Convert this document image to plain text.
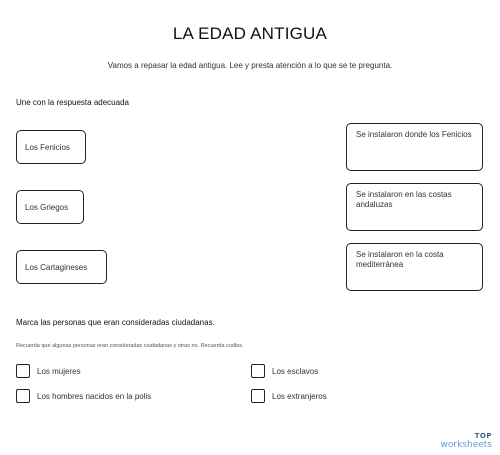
LA EDAD ANTIGUA
Vamos a repasar la edad antigua. Lee y presta atención a lo que se te pregunta.
Une con la respuesta adecuada
Los Fenicios
Los Griegos
Los Cartagineses
Se instalaron donde los Fenicios
Se instalaron en las costas andaluzas
Se instalaron en la costa mediterránea
Marca las personas que eran consideradas ciudadanas.
Recuerda que algunas personas eran consideradas ciudadanas y otras no. Recuerda cudles.
Los mujeres	Los esclavos
Los hombres nacidos en la polis	Los extranjeros
TOP
worksheets
